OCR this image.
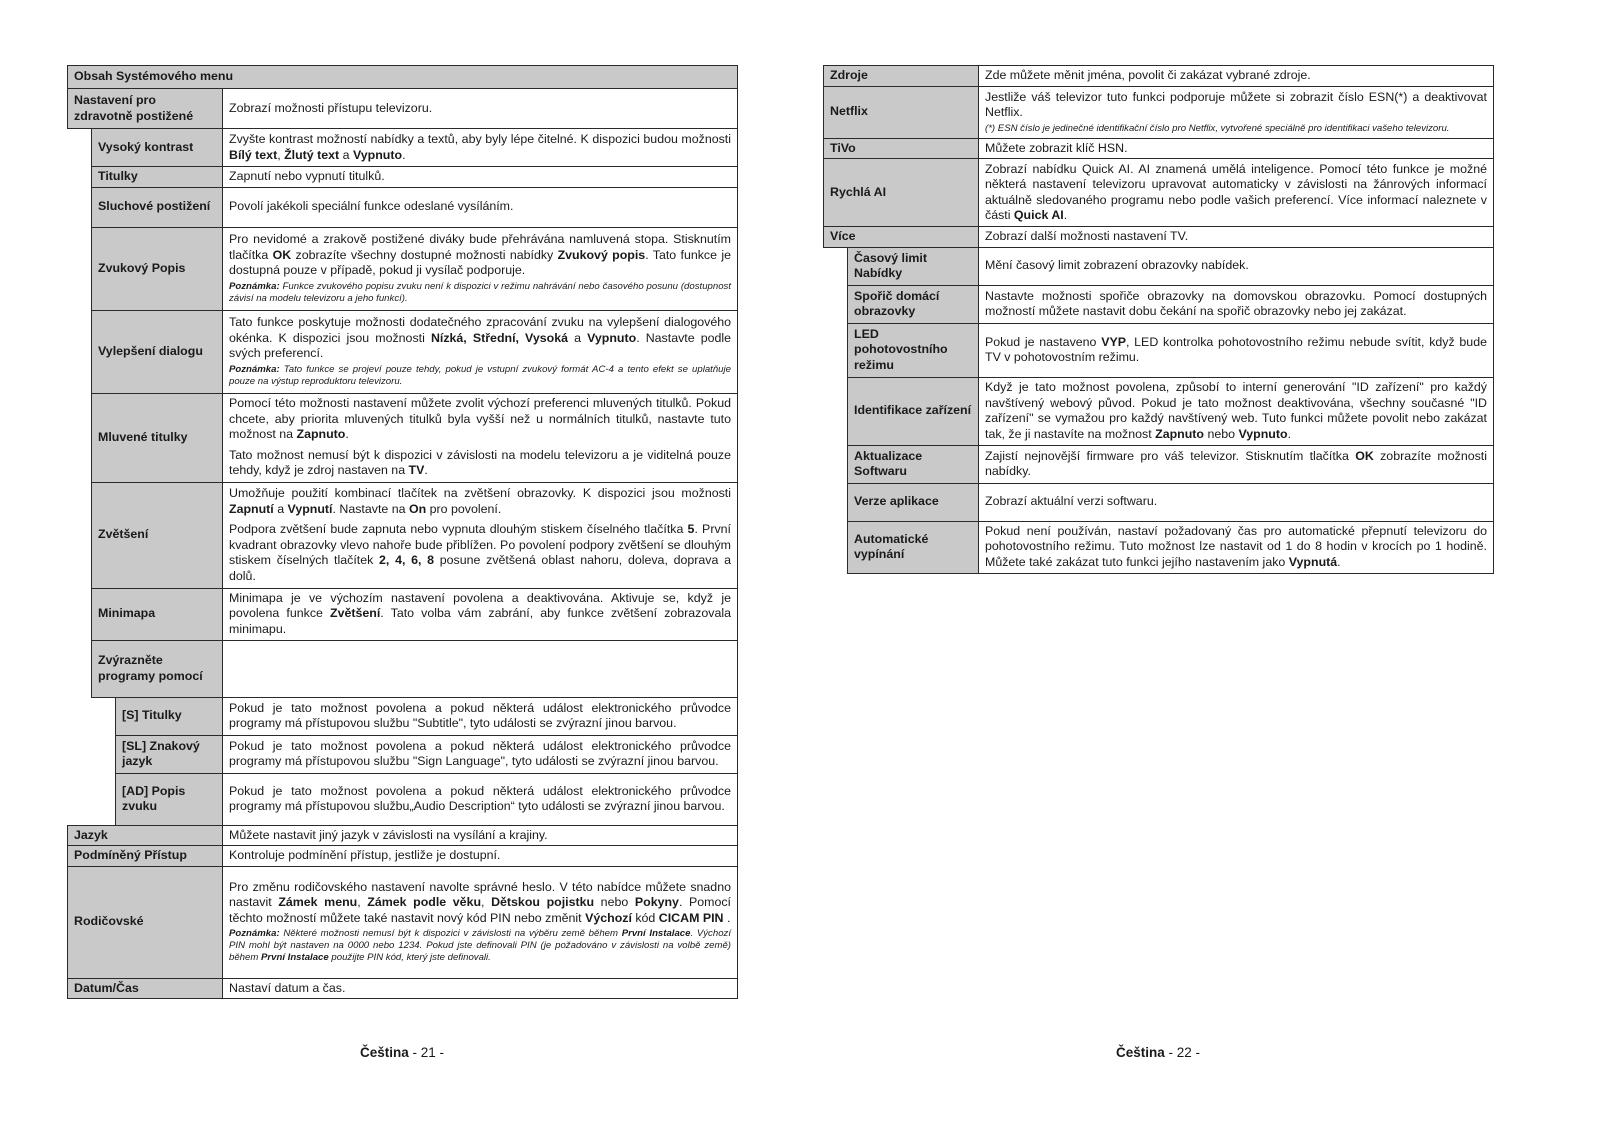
Obsah Systémového menu			
Nastavení pro zdravotně postižené			Zobrazí možnosti přístupu televizoru.

	Vysoký kontrast		Zvyšte kontrast možností nabídky a textů, aby byly lépe čitelné. K dispozici budou možnosti Bílý text, Žlutý text a Vypnuto.

	Titulky		Zapnutí nebo vypnutí titulků.

	Sluchové postižení		Povolí jakékoli speciální funkce odeslané vysíláním.

	Zvukový Popis		Pro nevidomé a zrakově postižené diváky bude přehrávána namluvená stopa. Stisknutím tlačítka OK zobrazíte všechny dostupné možnosti nabídky Zvukový popis. Tato funkce je dostupná pouze v případě, pokud ji vysílač podporuje.
Poznámka: Funkce zvukového popisu zvuku není k dispozici v režimu nahrávání nebo časového posunu (dostupnost závisí na modelu televizoru a jeho funkcí).

	Vylepšení dialogu		Tato funkce poskytuje možnosti dodatečného zpracování zvuku na vylepšení dialogového okénka. K dispozici jsou možnosti Nízká, Střední, Vysoká a Vypnuto. Nastavte podle svých preferencí.
Poznámka: Tato funkce se projeví pouze tehdy, pokud je vstupní zvukový formát AC-4 a tento efekt se uplatňuje pouze na výstup reproduktoru televizoru.

	Mluvené titulky		Pomocí této možnosti nastavení můžete zvolit výchozí preferenci mluvených titulků. Pokud chcete, aby priorita mluvených titulků byla vyšší než u normálních titulků, nastavte tuto možnost na Zapnuto.
Tato možnost nemusí být k dispozici v závislosti na modelu televizoru a je viditelná pouze tehdy, když je zdroj nastaven na TV.

	Zvětšení		Umožňuje použití kombinací tlačítek na zvětšení obrazovky. K dispozici jsou možnosti Zapnutí a Vypnutí. Nastavte na On pro povolení.
Podpora zvětšení bude zapnuta nebo vypnuta dlouhým stiskem číselného tlačítka 5. První kvadrant obrazovky vlevo nahoře bude přiblížen. Po povolení podpory zvětšení se dlouhým stiskem číselných tlačítek 2, 4, 6, 8 posune zvětšená oblast nahoru, doleva, doprava a dolů.

	Minimapa		Minimapa je ve výchozím nastavení povolena a deaktivována. Aktivuje se, když je povolena funkce Zvětšení. Tato volba vám zabrání, aby funkce zvětšení zobrazovala minimapu.

	Zvýrazněte programy pomocí		

		[S] Titulky	Pokud je tato možnost povolena a pokud některá událost elektronického průvodce programy má přístupovou službu "Subtitle", tyto události se zvýrazní jinou barvou.

		[SL] Znakový jazyk	Pokud je tato možnost povolena a pokud některá událost elektronického průvodce programy má přístupovou službu "Sign Language", tyto události se zvýrazní jinou barvou.

		[AD] Popis zvuku	Pokud je tato možnost povolena a pokud některá událost elektronického průvodce programy má přístupovou službu„Audio Description“ tyto události se zvýrazní jinou barvou.

Jazyk			Můžete nastavit jiný jazyk v závislosti na vysílání a krajiny.

Podmíněný Přístup			Kontroluje podmínění přístup, jestliže je dostupní.

Rodičovské			Pro změnu rodičovského nastavení navolte správné heslo. V této nabídce můžete snadno nastavit Zámek menu, Zámek podle věku, Dětskou pojistku nebo Pokyny. Pomocí těchto možností můžete také nastavit nový kód PIN nebo změnit Výchozí kód CICAM PIN .
Poznámka: Některé možnosti nemusí být k dispozici v závislosti na výběru země během První Instalace. Výchozí PIN mohl být nastaven na 0000 nebo 1234. Pokud jste definovali PIN (je požadováno v závislosti na volbě země) během První Instalace použijte PIN kód, který jste definovali.

Datum/Čas			Nastaví datum a čas.
Zdroje		Zde můžete měnit jména, povolit či zakázat vybrané zdroje.

Netflix		Jestliže váš televizor tuto funkci podporuje můžete si zobrazit číslo ESN(*) a deaktivovat Netflix.
(*) ESN číslo je jedinečné identifikační číslo pro Netflix, vytvořené speciálně pro identifikaci vašeho televizoru.

TiVo		Můžete zobrazit klíč HSN.

Rychlá AI		Zobrazí nabídku Quick AI. AI znamená umělá inteligence. Pomocí této funkce je možné některá nastavení televizoru upravovat automaticky v závislosti na žánrových informací aktuálně sledovaného programu nebo podle vašich preferencí. Více informací naleznete v části Quick AI.

Více		Zobrazí další možnosti nastavení TV.

	Časový limit Nabídky	Mění časový limit zobrazení obrazovky nabídek.

	Spořič domácí obrazovky	Nastavte možnosti spořiče obrazovky na domovskou obrazovku. Pomocí dostupných možností můžete nastavit dobu čekání na spořič obrazovky nebo jej zakázat.

	LED pohotovostního režimu	Pokud je nastaveno VYP, LED kontrolka pohotovostního režimu nebude svítit, když bude TV v pohotovostním režimu.

	Identifikace zařízení	Když je tato možnost povolena, způsobí to interní generování "ID zařízení" pro každý navštívený webový původ. Pokud je tato možnost deaktivována, všechny současné "ID zařízení" se vymažou pro každý navštívený web. Tuto funkci můžete povolit nebo zakázat tak, že ji nastavíte na možnost Zapnuto nebo Vypnuto.

	Aktualizace Softwaru	Zajistí nejnovější firmware pro váš televizor. Stisknutím tlačítka OK zobrazíte možnosti nabídky.

	Verze aplikace	Zobrazí aktuální verzi softwaru.

	Automatické vypínání	Pokud není používán, nastaví požadovaný čas pro automatické přepnutí televizoru do pohotovostního režimu. Tuto možnost lze nastavit od 1 do 8 hodin v krocích po 1 hodině. Můžete také zakázat tuto funkci jejího nastavením jako Vypnutá.
Čeština - 21 -	Čeština - 22 -
